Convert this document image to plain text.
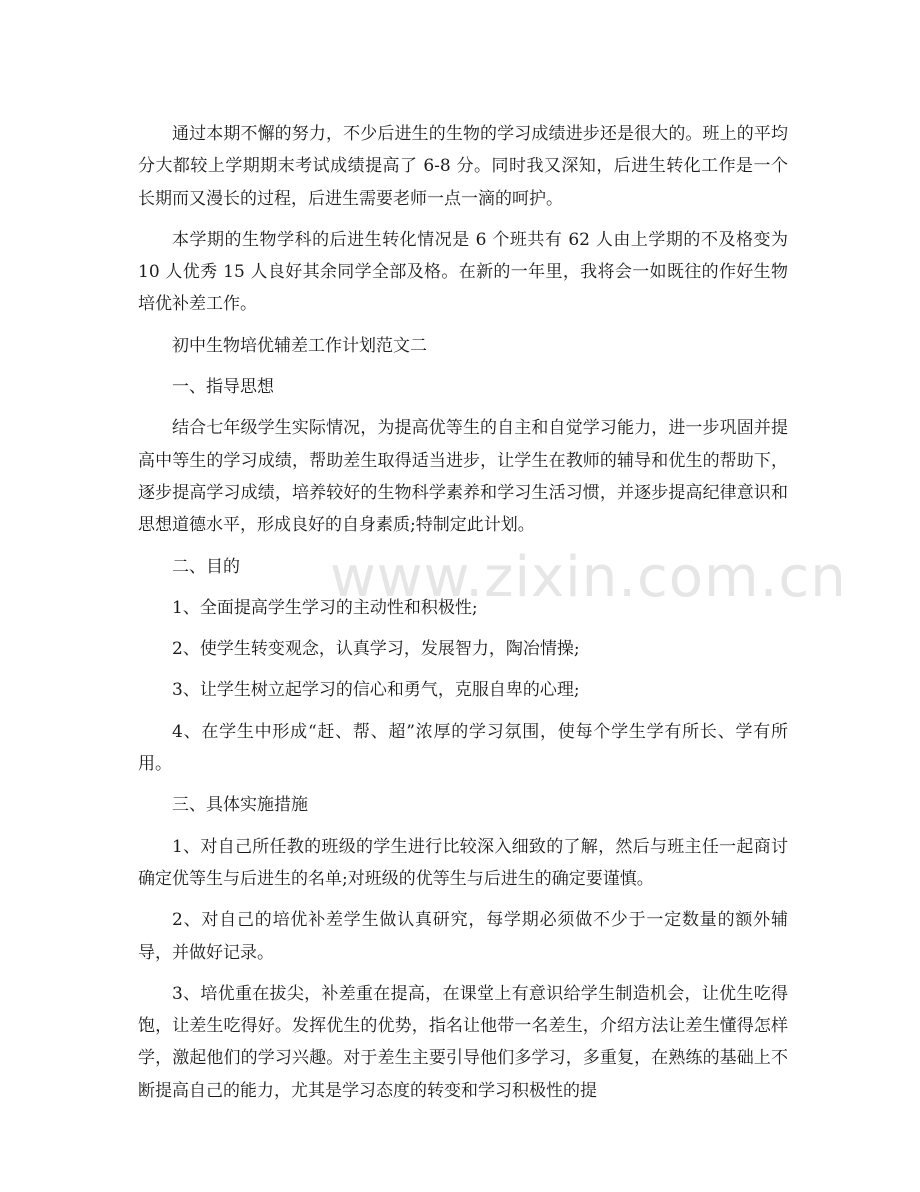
www.zixin.com.cn

通过本期不懈的努力，不少后进生的生物的学习成绩进步还是很大的。班上的平均分大都较上学期期末考试成绩提高了 6-8 分。同时我又深知，后进生转化工作是一个长期而又漫长的过程，后进生需要老师一点一滴的呵护。

本学期的生物学科的后进生转化情况是 6 个班共有 62 人由上学期的不及格变为 10 人优秀 15 人良好其余同学全部及格。在新的一年里，我将会一如既往的作好生物培优补差工作。

初中生物培优辅差工作计划范文二

一、指导思想

结合七年级学生实际情况，为提高优等生的自主和自觉学习能力，进一步巩固并提高中等生的学习成绩，帮助差生取得适当进步，让学生在教师的辅导和优生的帮助下，逐步提高学习成绩，培养较好的生物科学素养和学习生活习惯，并逐步提高纪律意识和思想道德水平，形成良好的自身素质;特制定此计划。

二、目的

1、全面提高学生学习的主动性和积极性;

2、使学生转变观念，认真学习，发展智力，陶冶情操;

3、让学生树立起学习的信心和勇气，克服自卑的心理;

4、在学生中形成“赶、帮、超”浓厚的学习氛围，使每个学生学有所长、学有所用。

三、具体实施措施

1、对自己所任教的班级的学生进行比较深入细致的了解，然后与班主任一起商讨确定优等生与后进生的名单;对班级的优等生与后进生的确定要谨慎。

2、对自己的培优补差学生做认真研究，每学期必须做不少于一定数量的额外辅导，并做好记录。

3、培优重在拔尖，补差重在提高，在课堂上有意识给学生制造机会，让优生吃得饱，让差生吃得好。发挥优生的优势，指名让他带一名差生，介绍方法让差生懂得怎样学，激起他们的学习兴趣。对于差生主要引导他们多学习，多重复，在熟练的基础上不断提高自己的能力，尤其是学习态度的转变和学习积极性的提
